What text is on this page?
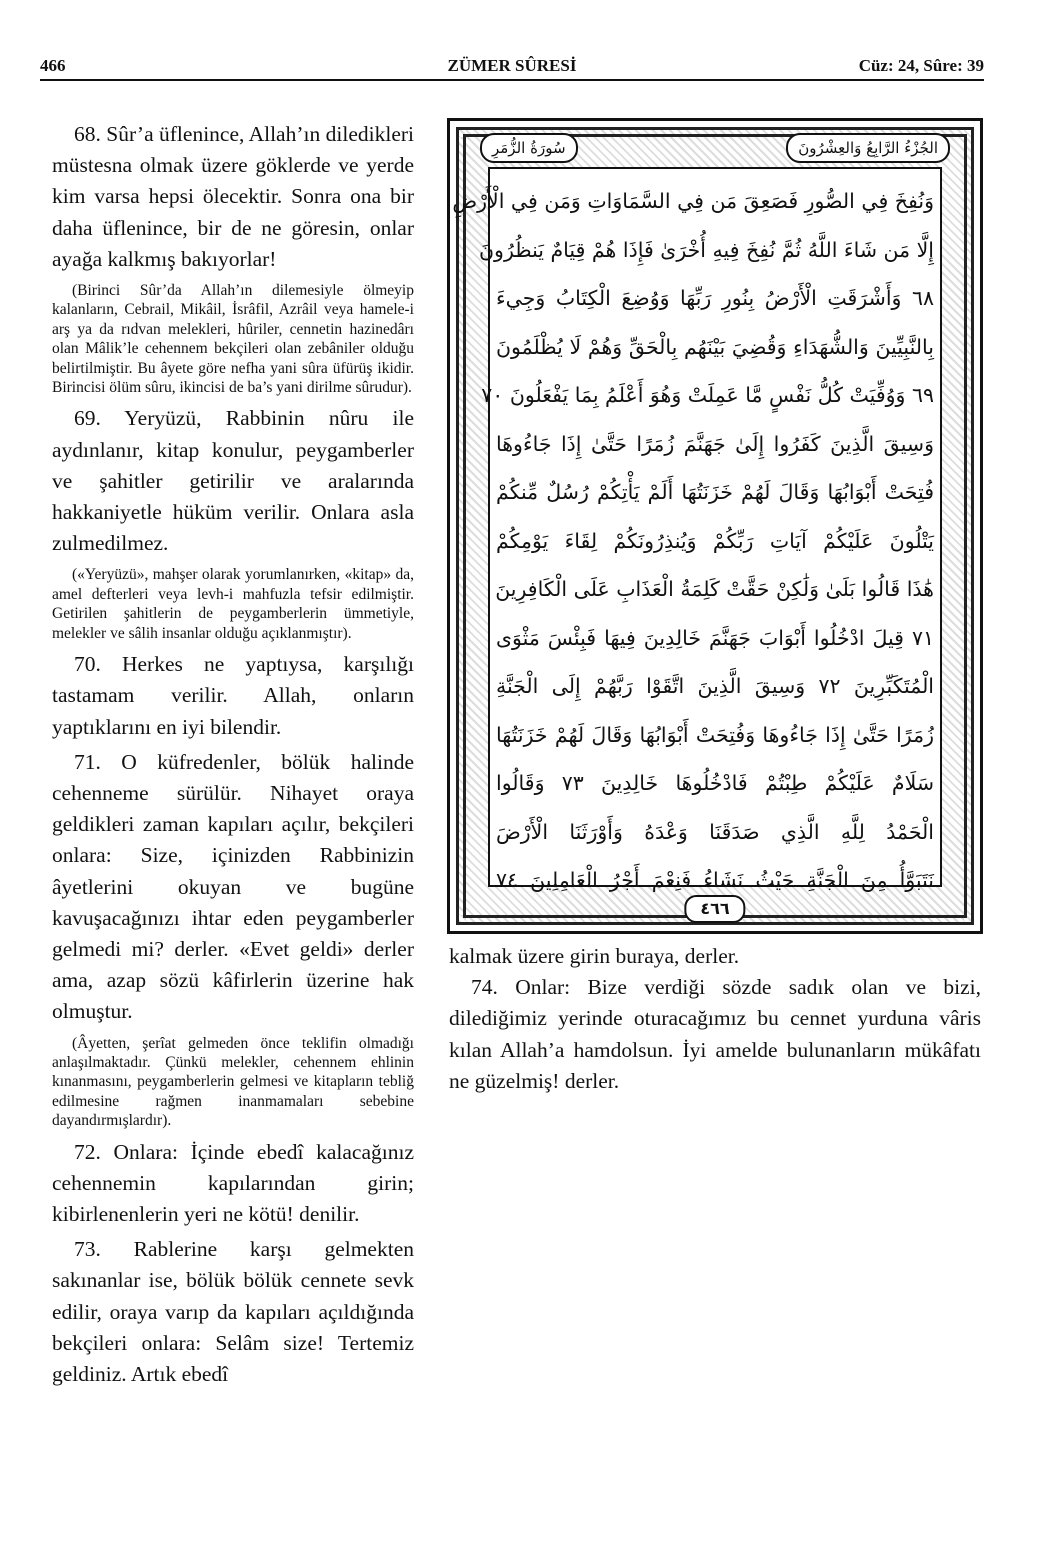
466	ZÜMER SÛRESİ	Cüz: 24, Sûre: 39

68. Sûr’a üflenince, Allah’ın diledikleri müstesna olmak üzere göklerde ve yerde kim varsa hepsi ölecektir. Sonra ona bir daha üflenince, bir de ne göresin, onlar ayağa kalkmış bakıyorlar!

(Birinci Sûr’da Allah’ın dilemesiyle ölmeyip kalanların, Cebrail, Mikâil, İsrâfil, Azrâil veya hamele-i arş ya da rıdvan melekleri, hûriler, cennetin hazinedârı olan Mâlik’le cehennem bekçileri olan zebâniler olduğu belirtilmiştir. Bu âyete göre nefha yani sûra üfürüş ikidir. Birincisi ölüm sûru, ikincisi de ba’s yani dirilme sûrudur).

69. Yeryüzü, Rabbinin nûru ile aydınlanır, kitap konulur, peygamberler ve şahitler getirilir ve aralarında hakkaniyetle hüküm verilir. Onlara asla zulmedilmez.

(«Yeryüzü», mahşer olarak yorumlanırken, «kitap» da, amel defterleri veya levh-i mahfuzla tefsir edilmiştir. Getirilen şahitlerin de peygamberlerin ümmetiyle, melekler ve sâlih insanlar olduğu açıklanmıştır).

70. Herkes ne yaptıysa, karşılığı tastamam verilir. Allah, onların yaptıklarını en iyi bilendir.

71. O küfredenler, bölük halinde cehenneme sürülür. Nihayet oraya geldikleri zaman kapıları açılır, bekçileri onlara: Size, içinizden Rabbinizin âyetlerini okuyan ve bugüne kavuşacağınızı ihtar eden peygamberler gelmedi mi? derler. «Evet geldi» derler ama, azap sözü kâfirlerin üzerine hak olmuştur.

(Âyetten, şerîat gelmeden önce teklifin olmadığı anlaşılmaktadır. Çünkü melekler, cehennem ehlinin kınanmasını, peygamberlerin gelmesi ve kitapların tebliğ edilmesine rağmen inanmamaları sebebine dayandırmışlardır).

72. Onlara: İçinde ebedî kalacağınız cehennemin kapılarından girin; kibirlenenlerin yeri ne kötü! denilir.

73. Rablerine karşı gelmekten sakınanlar ise, bölük bölük cennete sevk edilir, oraya varıp da kapıları açıldığında bekçileri onlara: Selâm size! Tertemiz geldiniz. Artık ebedî

الجُزْءُ الرَّابِعُ وَالعِشْرُونَ
سُورَةُ الزُّمَرِ
وَنُفِخَ فِي الصُّورِ فَصَعِقَ مَن فِي السَّمَاوَاتِ وَمَن فِي الْأَرْضِ
إِلَّا مَن شَاءَ اللَّهُ ثُمَّ نُفِخَ فِيهِ أُخْرَىٰ فَإِذَا هُمْ قِيَامٌ يَنظُرُونَ
٦٨ وَأَشْرَقَتِ الْأَرْضُ بِنُورِ رَبِّهَا وَوُضِعَ الْكِتَابُ وَجِيءَ
بِالنَّبِيِّينَ وَالشُّهَدَاءِ وَقُضِيَ بَيْنَهُم بِالْحَقِّ وَهُمْ لَا يُظْلَمُونَ
٦٩ وَوُفِّيَتْ كُلُّ نَفْسٍ مَّا عَمِلَتْ وَهُوَ أَعْلَمُ بِمَا يَفْعَلُونَ ٧٠
وَسِيقَ الَّذِينَ كَفَرُوا إِلَىٰ جَهَنَّمَ زُمَرًا حَتَّىٰ إِذَا جَاءُوهَا
فُتِحَتْ أَبْوَابُهَا وَقَالَ لَهُمْ خَزَنَتُهَا أَلَمْ يَأْتِكُمْ رُسُلٌ مِّنكُمْ
يَتْلُونَ عَلَيْكُمْ آيَاتِ رَبِّكُمْ وَيُنذِرُونَكُمْ لِقَاءَ يَوْمِكُمْ
هَٰذَا قَالُوا بَلَىٰ وَلَٰكِنْ حَقَّتْ كَلِمَةُ الْعَذَابِ عَلَى الْكَافِرِينَ
٧١ قِيلَ ادْخُلُوا أَبْوَابَ جَهَنَّمَ خَالِدِينَ فِيهَا فَبِئْسَ مَثْوَى
الْمُتَكَبِّرِينَ ٧٢ وَسِيقَ الَّذِينَ اتَّقَوْا رَبَّهُمْ إِلَى الْجَنَّةِ
زُمَرًا حَتَّىٰ إِذَا جَاءُوهَا وَفُتِحَتْ أَبْوَابُهَا وَقَالَ لَهُمْ خَزَنَتُهَا
سَلَامٌ عَلَيْكُمْ طِبْتُمْ فَادْخُلُوهَا خَالِدِينَ ٧٣ وَقَالُوا
الْحَمْدُ لِلَّهِ الَّذِي صَدَقَنَا وَعْدَهُ وَأَوْرَثَنَا الْأَرْضَ
نَتَبَوَّأُ مِنَ الْجَنَّةِ حَيْثُ نَشَاءُ فَنِعْمَ أَجْرُ الْعَامِلِينَ ٧٤
٤٦٦

kalmak üzere girin buraya, derler.

74. Onlar: Bize verdiği sözde sadık olan ve bizi, dilediğimiz yerinde oturacağımız bu cennet yurduna vâris kılan Allah’a hamdolsun. İyi amelde bulunanların mükâfatı ne güzelmiş! derler.
